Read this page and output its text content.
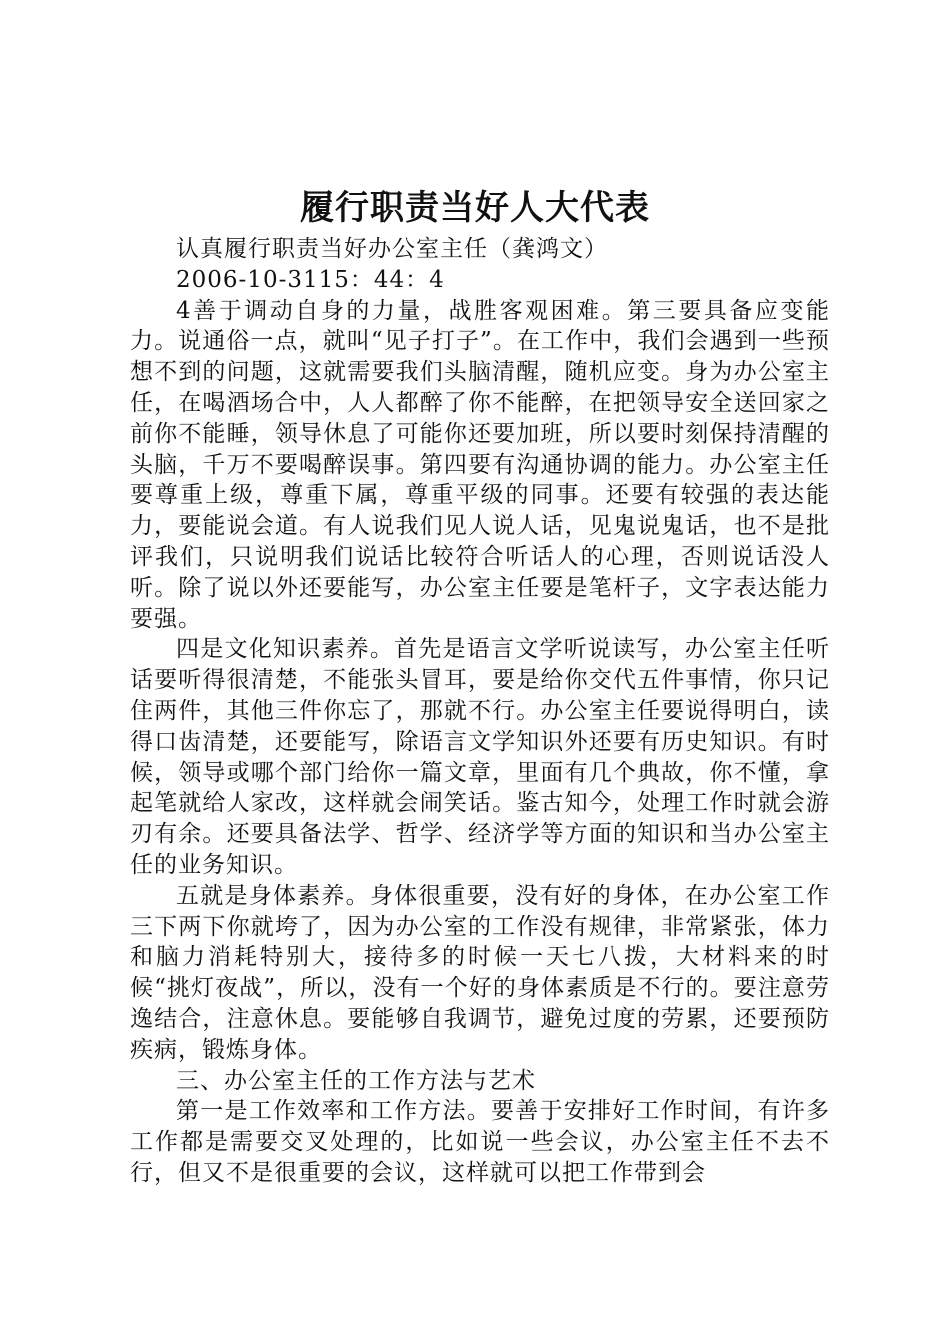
履行职责当好人大代表

认真履行职责当好办公室主任（龚鸿文）

2006-10-3115：44：4

4善于调动自身的力量，战胜客观困难。第三要具备应变能力。说通俗一点，就叫“见子打子”。在工作中，我们会遇到一些预想不到的问题，这就需要我们头脑清醒，随机应变。身为办公室主任，在喝酒场合中，人人都醉了你不能醉，在把领导安全送回家之前你不能睡，领导休息了可能你还要加班，所以要时刻保持清醒的头脑，千万不要喝醉误事。第四要有沟通协调的能力。办公室主任要尊重上级，尊重下属，尊重平级的同事。还要有较强的表达能力，要能说会道。有人说我们见人说人话，见鬼说鬼话，也不是批评我们，只说明我们说话比较符合听话人的心理，否则说话没人听。除了说以外还要能写，办公室主任要是笔杆子，文字表达能力要强。

四是文化知识素养。首先是语言文学听说读写，办公室主任听话要听得很清楚，不能张头冒耳，要是给你交代五件事情，你只记住两件，其他三件你忘了，那就不行。办公室主任要说得明白，读得口齿清楚，还要能写，除语言文学知识外还要有历史知识。有时候，领导或哪个部门给你一篇文章，里面有几个典故，你不懂，拿起笔就给人家改，这样就会闹笑话。鉴古知今，处理工作时就会游刃有余。还要具备法学、哲学、经济学等方面的知识和当办公室主任的业务知识。

五就是身体素养。身体很重要，没有好的身体，在办公室工作三下两下你就垮了，因为办公室的工作没有规律，非常紧张，体力和脑力消耗特别大，接待多的时候一天七八拨，大材料来的时候“挑灯夜战”，所以，没有一个好的身体素质是不行的。要注意劳逸结合，注意休息。要能够自我调节，避免过度的劳累，还要预防疾病，锻炼身体。

三、办公室主任的工作方法与艺术

第一是工作效率和工作方法。要善于安排好工作时间，有许多工作都是需要交叉处理的，比如说一些会议，办公室主任不去不行，但又不是很重要的会议，这样就可以把工作带到会
